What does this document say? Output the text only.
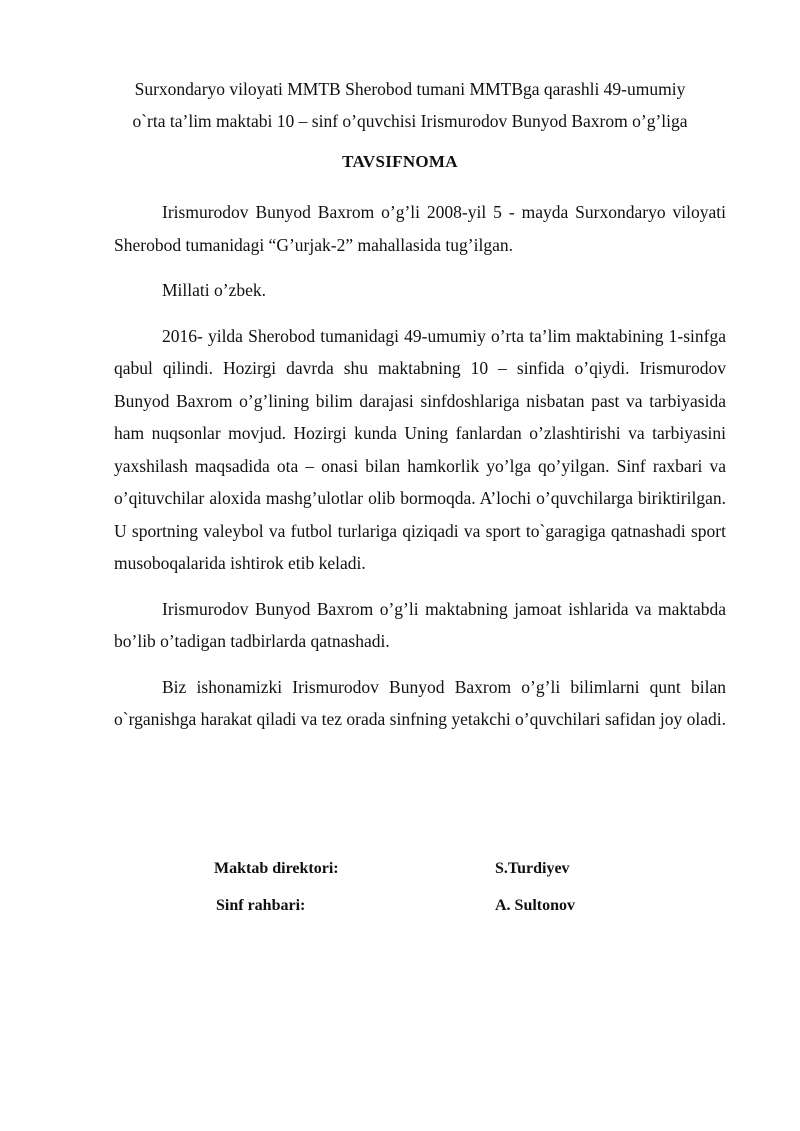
Surxondaryo viloyati MMTB Sherobod tumani MMTBga qarashli 49-umumiy
o`rta ta’lim maktabi 10 – sinf o’quvchisi Irismurodov Bunyod Baxrom o’g’liga
TAVSIFNOMA

Irismurodov Bunyod Baxrom o’g’li 2008-yil 5 - mayda Surxondaryo viloyati Sherobod tumanidagi “G’urjak-2” mahallasida tug’ilgan.

Millati o’zbek.

2016- yilda Sherobod tumanidagi 49-umumiy o’rta ta’lim maktabining 1-sinfga qabul qilindi. Hozirgi davrda shu maktabning 10 – sinfida o’qiydi. Irismurodov Bunyod Baxrom o’g’lining bilim darajasi sinfdoshlariga nisbatan past va tarbiyasida ham nuqsonlar movjud. Hozirgi kunda Uning fanlardan o’zlashtirishi va tarbiyasini yaxshilash maqsadida ota – onasi bilan hamkorlik yo’lga qo’yilgan. Sinf raxbari va o’qituvchilar aloxida mashg’ulotlar olib bormoqda. A’lochi o’quvchilarga biriktirilgan. U sportning valeybol va futbol turlariga qiziqadi va sport to`garagiga qatnashadi sport musoboqalarida ishtirok etib keladi.

Irismurodov Bunyod Baxrom o’g’li maktabning jamoat ishlarida va maktabda bo’lib o’tadigan tadbirlarda qatnashadi.

Biz ishonamizki Irismurodov Bunyod Baxrom o’g’li bilimlarni qunt bilan o`rganishga harakat qiladi va tez orada sinfning yetakchi o’quvchilari safidan joy oladi.

Maktab direktori:	S.Turdiyev
Sinf rahbari:	A. Sultonov
